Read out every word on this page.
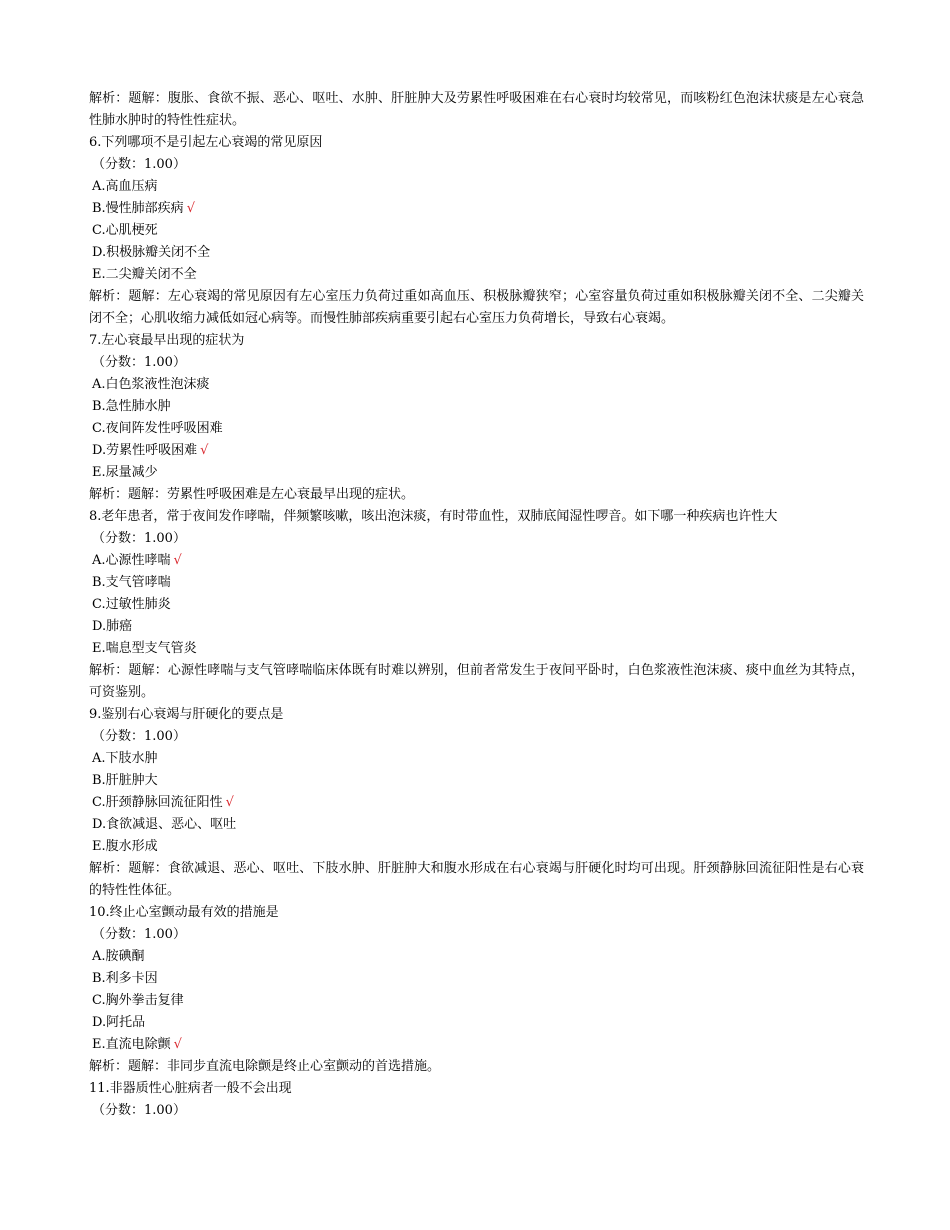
解析：题解：腹胀、食欲不振、恶心、呕吐、水肿、肝脏肿大及劳累性呼吸困难在右心衰时均较常见，而咳粉红色泡沫状痰是左心衰急性肺水肿时的特性性症状。
6.下列哪项不是引起左心衰竭的常见原因
（分数：1.00）
A.高血压病
B.慢性肺部疾病 √
C.心肌梗死
D.积极脉瓣关闭不全
E.二尖瓣关闭不全
解析：题解：左心衰竭的常见原因有左心室压力负荷过重如高血压、积极脉瓣狭窄；心室容量负荷过重如积极脉瓣关闭不全、二尖瓣关闭不全；心肌收缩力减低如冠心病等。而慢性肺部疾病重要引起右心室压力负荷增长，导致右心衰竭。
7.左心衰最早出现的症状为
（分数：1.00）
A.白色浆液性泡沫痰
B.急性肺水肿
C.夜间阵发性呼吸困难
D.劳累性呼吸困难 √
E.尿量减少
解析：题解：劳累性呼吸困难是左心衰最早出现的症状。
8.老年患者，常于夜间发作哮喘，伴频繁咳嗽，咳出泡沫痰，有时带血性，双肺底闻湿性啰音。如下哪一种疾病也许性大
（分数：1.00）
A.心源性哮喘 √
B.支气管哮喘
C.过敏性肺炎
D.肺癌
E.喘息型支气管炎
解析：题解：心源性哮喘与支气管哮喘临床体既有时难以辨别，但前者常发生于夜间平卧时，白色浆液性泡沫痰、痰中血丝为其特点，可资鉴别。
9.鉴别右心衰竭与肝硬化的要点是
（分数：1.00）
A.下肢水肿
B.肝脏肿大
C.肝颈静脉回流征阳性 √
D.食欲减退、恶心、呕吐
E.腹水形成
解析：题解：食欲减退、恶心、呕吐、下肢水肿、肝脏肿大和腹水形成在右心衰竭与肝硬化时均可出现。肝颈静脉回流征阳性是右心衰的特性性体征。
10.终止心室颤动最有效的措施是
（分数：1.00）
A.胺碘酮
B.利多卡因
C.胸外拳击复律
D.阿托品
E.直流电除颤 √
解析：题解：非同步直流电除颤是终止心室颤动的首选措施。
11.非器质性心脏病者一般不会出现
（分数：1.00）
